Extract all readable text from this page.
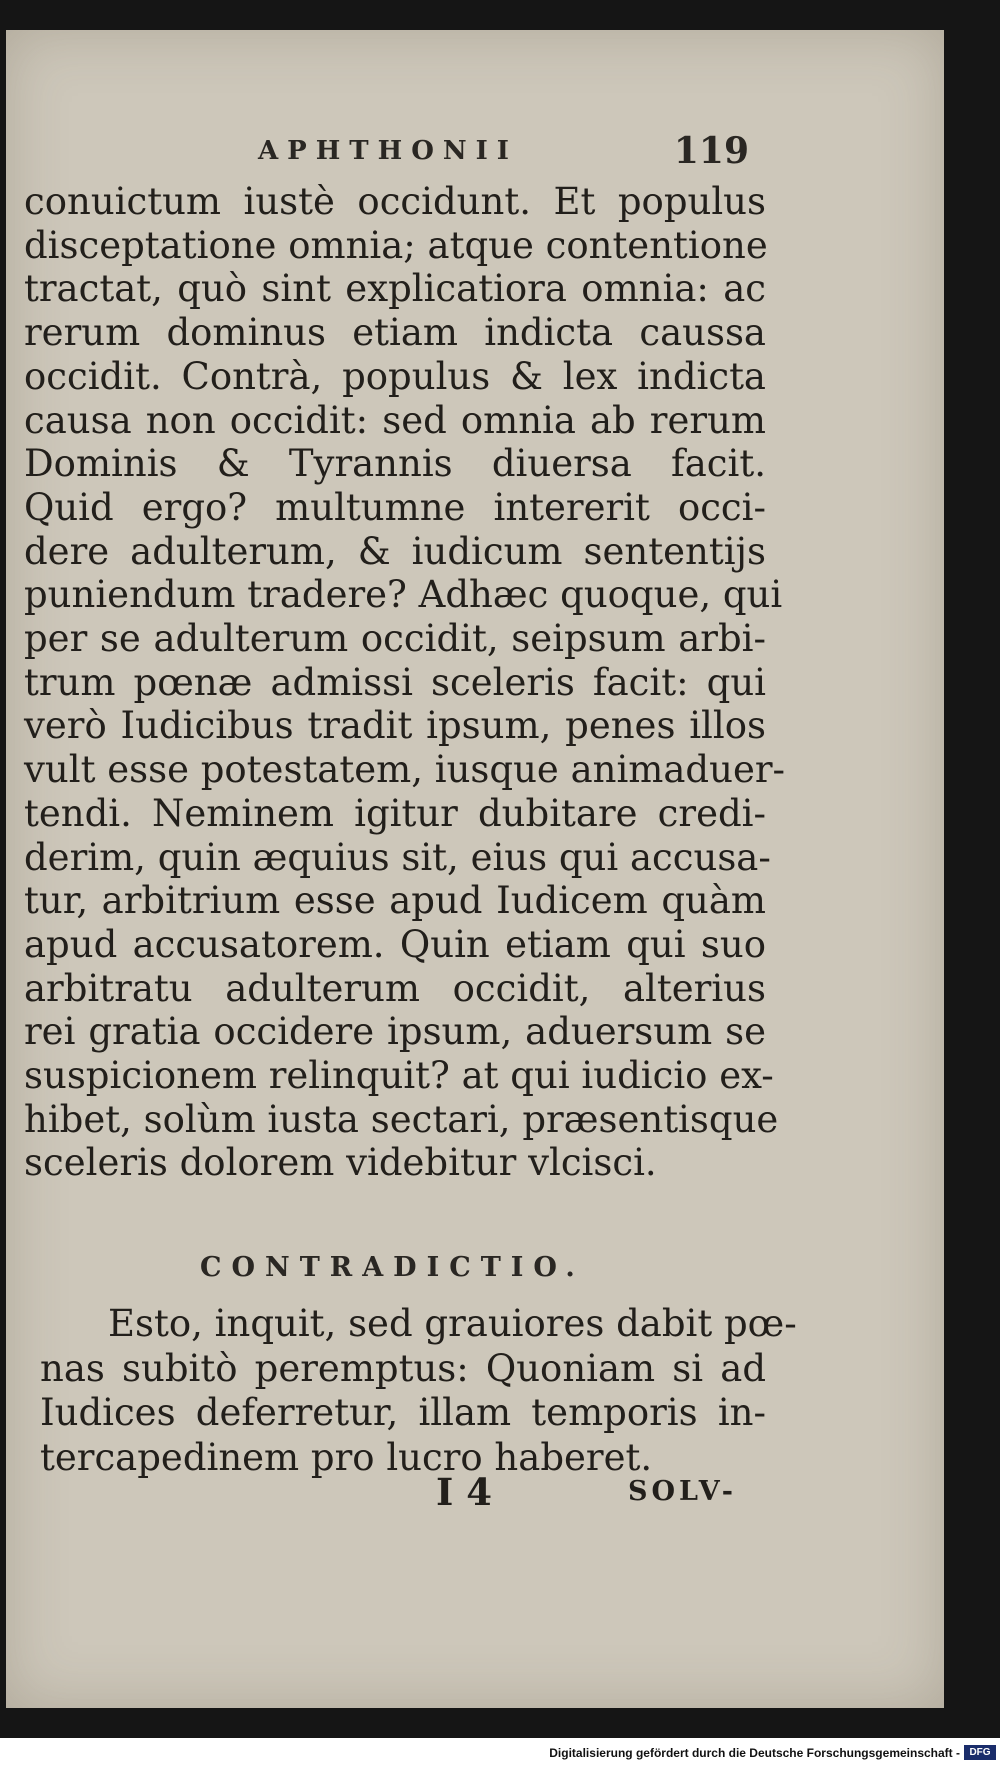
APHTHONII	119
conuictum iustè occidunt. Et populus
disceptatione omnia; atque contentione
tractat, quò sint explicatiora omnia: ac
rerum dominus etiam indicta caussa
occidit. Contrà, populus & lex indicta
causa non occidit: sed omnia ab rerum
Dominis & Tyrannis diuersa facit.
Quid ergo? multumne intererit occi-
dere adulterum, & iudicum sententijs
puniendum tradere? Adhæc quoque, qui
per se adulterum occidit, seipsum arbi-
trum pœnæ admissi sceleris facit: qui
verò Iudicibus tradit ipsum, penes illos
vult esse potestatem, iusque animaduer-
tendi. Neminem igitur dubitare credi-
derim, quin æquius sit, eius qui accusa-
tur, arbitrium esse apud Iudicem quàm
apud accusatorem. Quin etiam qui suo
arbitratu adulterum occidit, alterius
rei gratia occidere ipsum, aduersum se
suspicionem relinquit? at qui iudicio ex-
hibet, solùm iusta sectari, præsentisque
sceleris dolorem videbitur vlcisci.
CONTRADICTIO.
Esto, inquit, sed grauiores dabit pœ-
nas subitò peremptus: Quoniam si ad
Iudices deferretur, illam temporis in-
tercapedinem pro lucro haberet.
I 4	SOLV-
Digitalisierung gefördert durch die Deutsche Forschungsgemeinschaft - DFG
